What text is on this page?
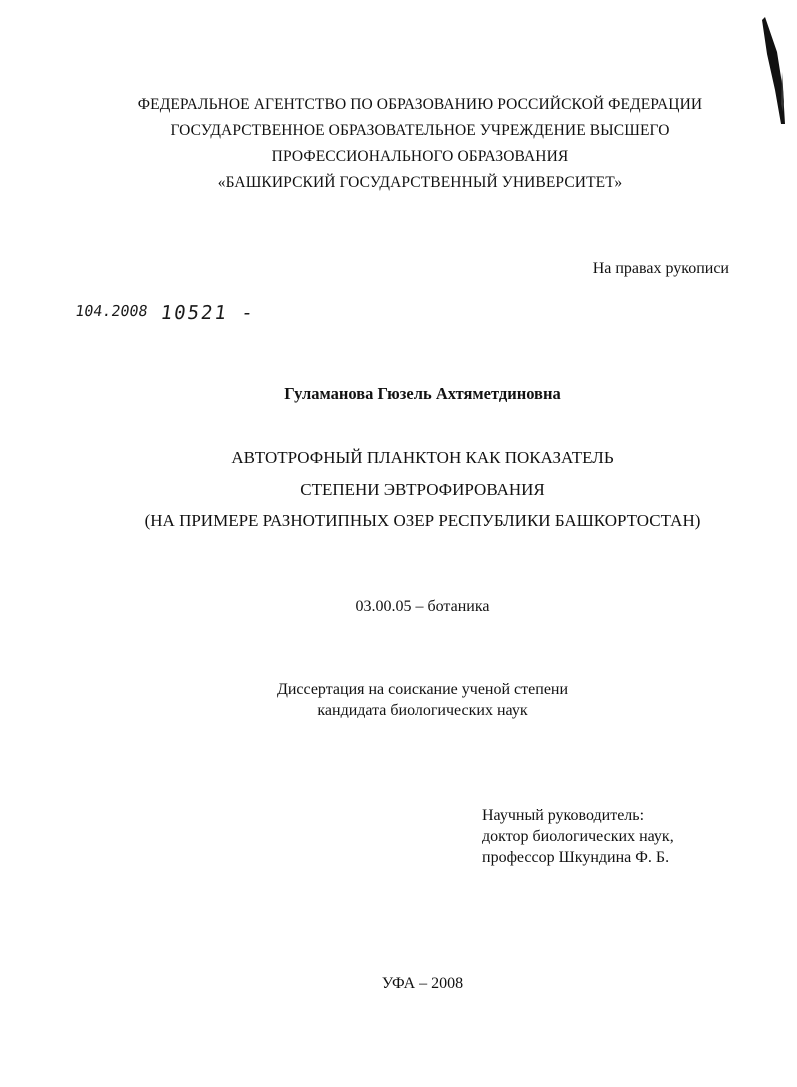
ФЕДЕРАЛЬНОЕ АГЕНТСТВО ПО ОБРАЗОВАНИЮ РОССИЙСКОЙ ФЕДЕРАЦИИ
ГОСУДАРСТВЕННОЕ ОБРАЗОВАТЕЛЬНОЕ УЧРЕЖДЕНИЕ ВЫСШЕГО
ПРОФЕССИОНАЛЬНОГО ОБРАЗОВАНИЯ
«БАШКИРСКИЙ ГОСУДАРСТВЕННЫЙ УНИВЕРСИТЕТ»
На правах рукописи
104.2008 10521 -
Гуламанова Гюзель Ахтяметдиновна
АВТОТРОФНЫЙ ПЛАНКТОН КАК ПОКАЗАТЕЛЬ
СТЕПЕНИ ЭВТРОФИРОВАНИЯ
(НА ПРИМЕРЕ РАЗНОТИПНЫХ ОЗЕР РЕСПУБЛИКИ БАШКОРТОСТАН)
03.00.05 – ботаника
Диссертация на соискание ученой степени
кандидата биологических наук
Научный руководитель:
доктор биологических наук,
профессор Шкундина Ф. Б.
УФА – 2008
